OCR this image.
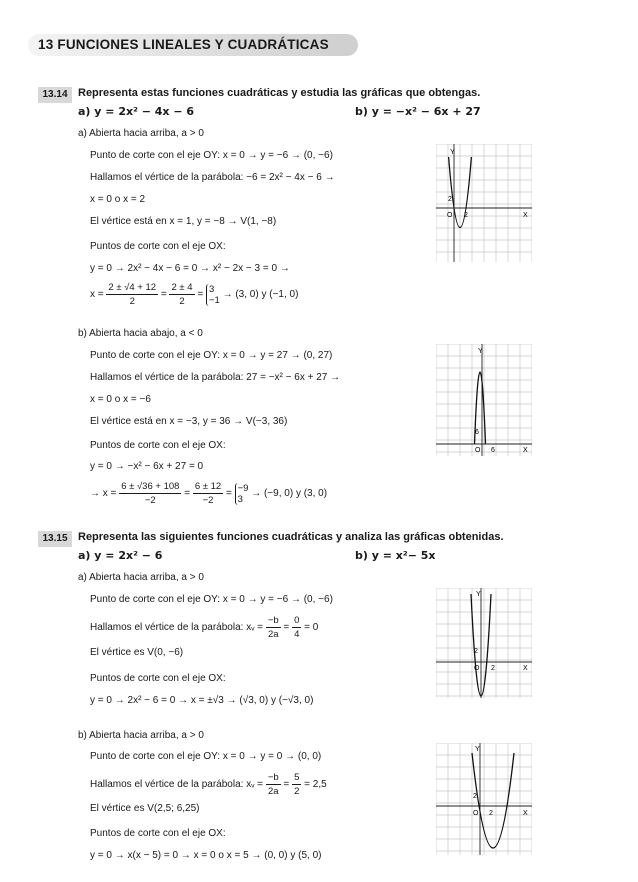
13 FUNCIONES LINEALES Y CUADRÁTICAS
13.14 Representa estas funciones cuadráticas y estudia las gráficas que obtengas.
a) y = 2x² − 4x − 6	b) y = −x² − 6x + 27
a) Abierta hacia arriba, a > 0
Punto de corte con el eje OY: x = 0 → y = −6 → (0, −6)
Hallamos el vértice de la parábola: −6 = 2x² − 4x − 6 →
x = 0 o x = 2
El vértice está en x = 1, y = −8 → V(1, −8)
Puntos de corte con el eje OX:
y = 0 → 2x² − 4x − 6 = 0 → x² − 2x − 3 = 0 →
$x = \frac{2 \pm √4 + 12}{2} = \frac{2 \pm 4}{2}$ =
3
−1 → (3, 0) y (−1, 0)
b) Abierta hacia abajo, a < 0
Punto de corte con el eje OY: x = 0 → y = 27 → (0, 27)
Hallamos el vértice de la parábola: 27 = −x² − 6x + 27 →
x = 0 o x = −6
El vértice está en x = −3, y = 36 → V(−3, 36)
Puntos de corte con el eje OX:
y = 0 → −x² − 6x + 27 = 0
→ $x = \frac{6 \pm √36 + 108}{-2} = \frac{6 \pm 12}{-2}$ =
−9
3 → (−9, 0) y (3, 0)
13.15 Representa las siguientes funciones cuadráticas y analiza las gráficas obtenidas.
a) y = 2x² − 6	b) y = x²− 5x
a) Abierta hacia arriba, a > 0
Punto de corte con el eje OY: x = 0 → y = −6 → (0, −6)
Hallamos el vértice de la parábola: xᵥ = $\frac{-b}{2a} = \frac{0}{4} = 0$
El vértice es V(0, −6)
Puntos de corte con el eje OX:
y = 0 → 2x² − 6 = 0 → x = ±√3 → (√3, 0) y (−√3, 0)
b) Abierta hacia arriba, a > 0
Punto de corte con el eje OY: x = 0 → y = 0 → (0, 0)
Hallamos el vértice de la parábola: xᵥ = $\frac{-b}{2a} = \frac{5}{2} = 2,5$
El vértice es V(2,5; 6,25)
Puntos de corte con el eje OX:
y = 0 → x(x − 5) = 0 → x = 0 o x = 5 → (0, 0) y (5, 0)
Y
X
O 2
2
Y
X
O 6
6
Y
X
O 2
2
Y
X
O 2
2
